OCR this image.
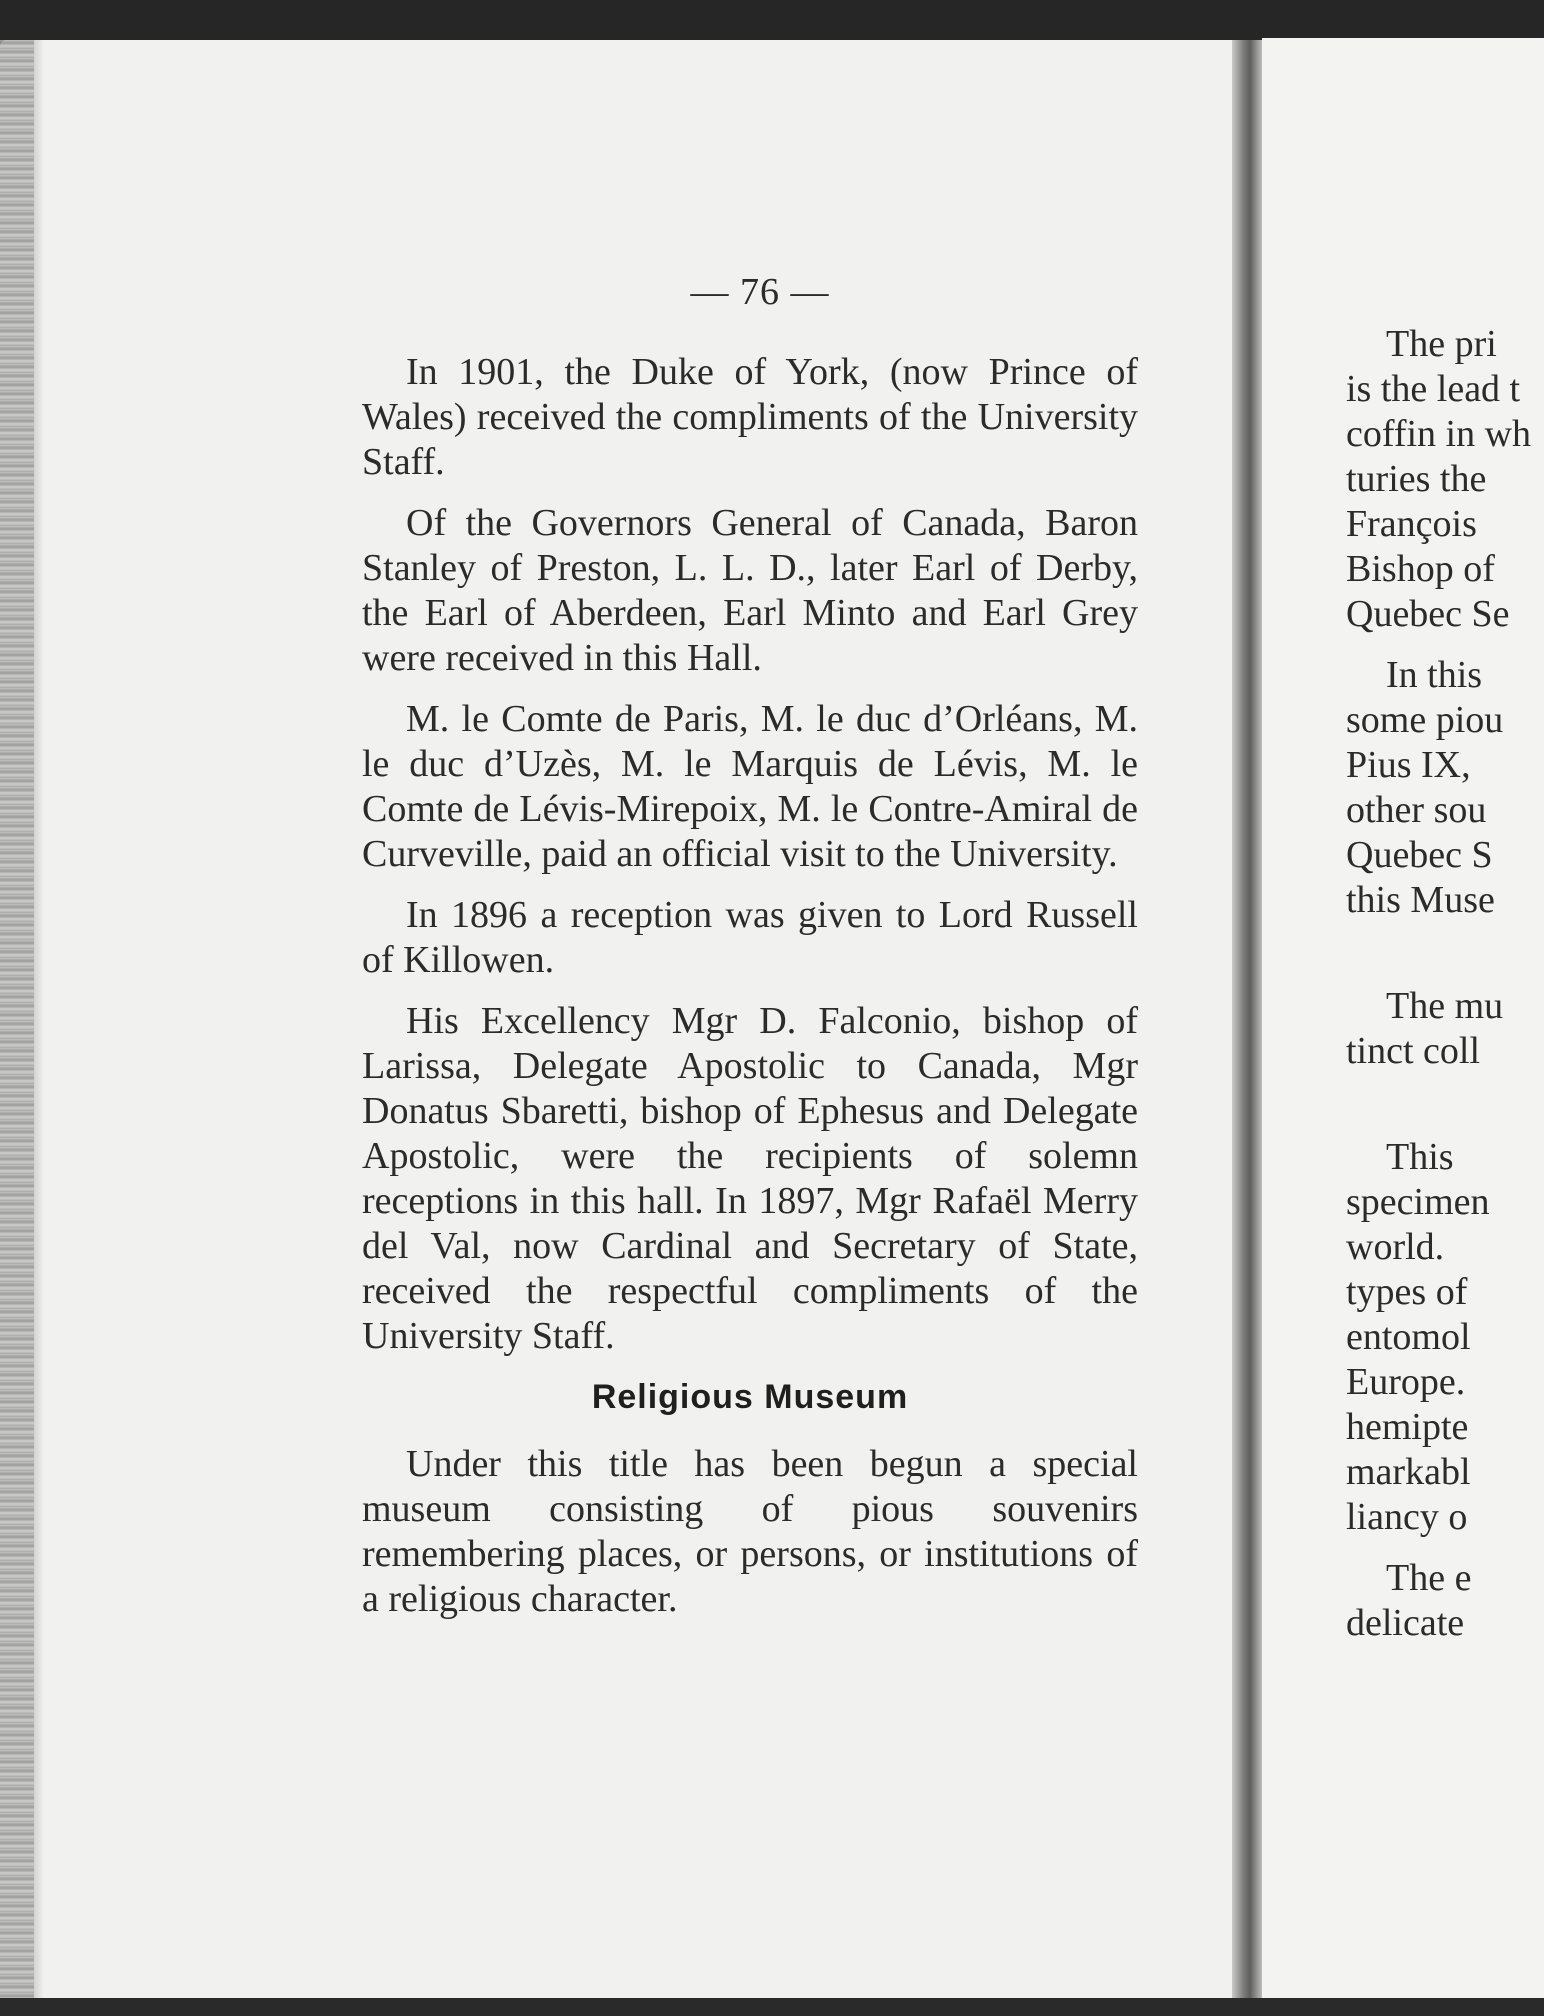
— 76 —

In 1901, the Duke of York, (now Prince of Wales) received the compliments of the University Staff.

Of the Governors General of Canada, Baron Stanley of Preston, L. L. D., later Earl of Derby, the Earl of Aberdeen, Earl Minto and Earl Grey were received in this Hall.

M. le Comte de Paris, M. le duc d’Orléans, M. le duc d’Uzès, M. le Marquis de Lévis, M. le Comte de Lévis-Mirepoix, M. le Contre-Amiral de Curveville, paid an official visit to the University.

In 1896 a reception was given to Lord Russell of Killowen.

His Excellency Mgr D. Falconio, bishop of Larissa, Delegate Apostolic to Canada, Mgr Donatus Sbaretti, bishop of Ephesus and Delegate Apostolic, were the recipients of solemn receptions in this hall. In 1897, Mgr Rafaël Merry del Val, now Cardinal and Secretary of State, received the respectful compliments of the University Staff.

Religious Museum

Under this title has been begun a special museum consisting of pious souvenirs remembering places, or persons, or institutions of a religious character.

The pri
is the lead t
coffin in wh
turies the
François
Bishop of
Quebec Se
In this
some piou
Pius IX,
other sou
Quebec S
this Muse
The mu
tinct coll
This
specimen
world.
types of
entomol
Europe.
hemipte
markabl
liancy o
The e
delicate
